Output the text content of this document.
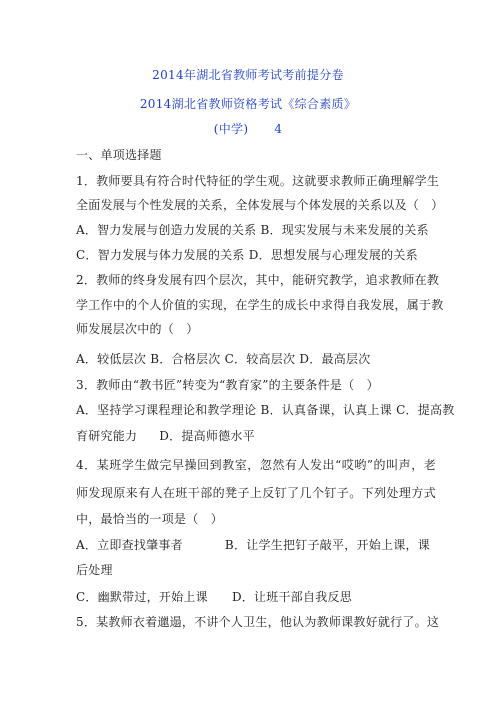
2014年湖北省教师考试考前提分卷
2014湖北省教师资格考试《综合素质》
(中学) 4
一、单项选择题
1．教师要具有符合时代特征的学生观。这就要求教师正确理解学生
全面发展与个性发展的关系，全体发展与个体发展的关系以及（　）
A．智力发展与创造力发展的关系 B．现实发展与未来发展的关系
C．智力发展与体力发展的关系 D．思想发展与心理发展的关系
2．教师的终身发展有四个层次，其中，能研究教学，追求教师在教
学工作中的个人价值的实现，在学生的成长中求得自我发展，属于教
师发展层次中的（　）
A．较低层次 B．合格层次 C．较高层次 D．最高层次
3．教师由“教书匠”转变为“教育家”的主要条件是（　）
A．坚持学习课程理论和教学理论 B．认真备课，认真上课 C．提高教
育研究能力 D．提高师德水平
4．某班学生做完早操回到教室，忽然有人发出“哎哟”的叫声，老
师发现原来有人在班干部的凳子上反钉了几个钉子。下列处理方式
中，最恰当的一项是（　）
A．立即查找肇事者	B．让学生把钉子敲平，开始上课，课
后处理
C．幽默带过，开始上课 D．让班干部自我反思
5．某教师衣着邋遢，不讲个人卫生，他认为教师课教好就行了。这
